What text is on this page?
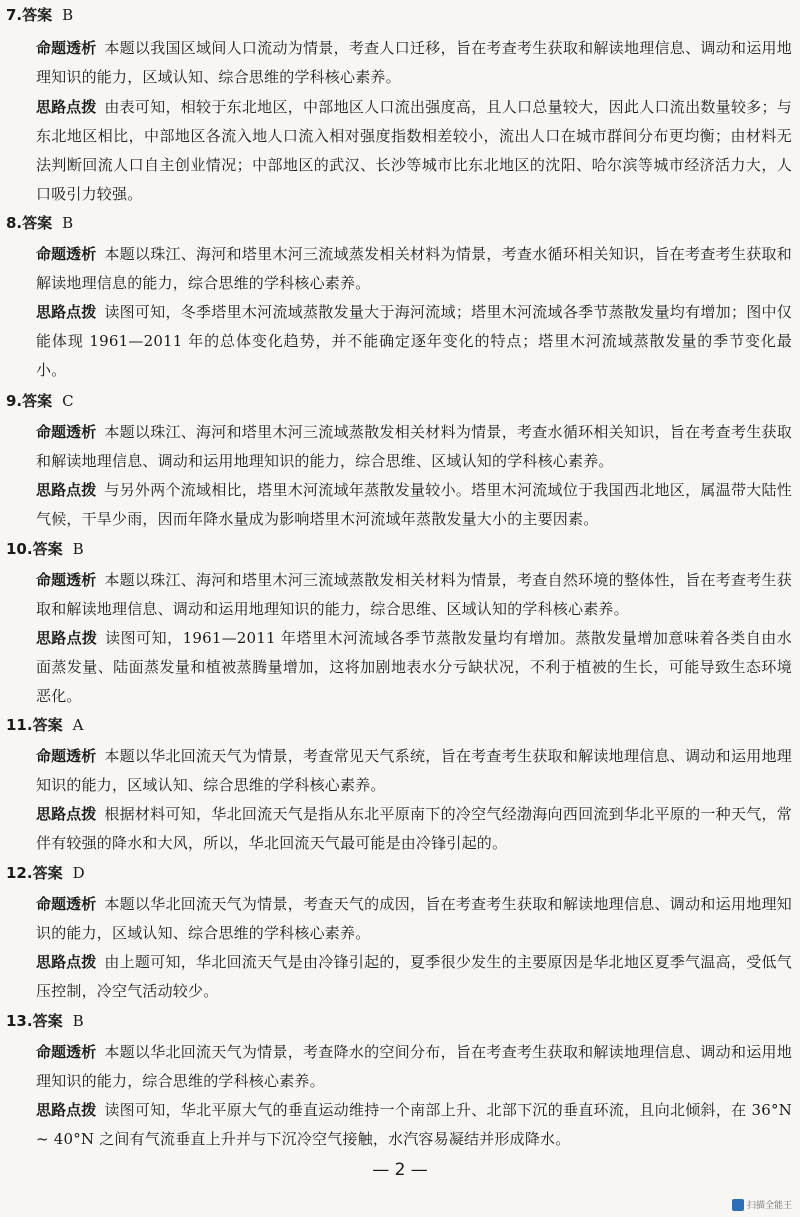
7.答案 B
命题透析 本题以我国区域间人口流动为情景，考查人口迁移，旨在考查考生获取和解读地理信息、调动和运用地理知识的能力，区域认知、综合思维的学科核心素养。
思路点拨 由表可知，相较于东北地区，中部地区人口流出强度高，且人口总量较大，因此人口流出数量较多；与东北地区相比，中部地区各流入地人口流入相对强度指数相差较小，流出人口在城市群间分布更均衡；由材料无法判断回流人口自主创业情况；中部地区的武汉、长沙等城市比东北地区的沈阳、哈尔滨等城市经济活力大，人口吸引力较强。
8.答案 B
命题透析 本题以珠江、海河和塔里木河三流域蒸发相关材料为情景，考查水循环相关知识，旨在考查考生获取和解读地理信息的能力，综合思维的学科核心素养。
思路点拨 读图可知，冬季塔里木河流域蒸散发量大于海河流域；塔里木河流域各季节蒸散发量均有增加；图中仅能体现 1961—2011 年的总体变化趋势，并不能确定逐年变化的特点；塔里木河流域蒸散发量的季节变化最小。
9.答案 C
命题透析 本题以珠江、海河和塔里木河三流域蒸散发相关材料为情景，考查水循环相关知识，旨在考查考生获取和解读地理信息、调动和运用地理知识的能力，综合思维、区域认知的学科核心素养。
思路点拨 与另外两个流域相比，塔里木河流域年蒸散发量较小。塔里木河流域位于我国西北地区，属温带大陆性气候，干旱少雨，因而年降水量成为影响塔里木河流域年蒸散发量大小的主要因素。
10.答案 B
命题透析 本题以珠江、海河和塔里木河三流域蒸散发相关材料为情景，考查自然环境的整体性，旨在考查考生获取和解读地理信息、调动和运用地理知识的能力，综合思维、区域认知的学科核心素养。
思路点拨 读图可知，1961—2011 年塔里木河流域各季节蒸散发量均有增加。蒸散发量增加意味着各类自由水面蒸发量、陆面蒸发量和植被蒸腾量增加，这将加剧地表水分亏缺状况，不利于植被的生长，可能导致生态环境恶化。
11.答案 A
命题透析 本题以华北回流天气为情景，考查常见天气系统，旨在考查考生获取和解读地理信息、调动和运用地理知识的能力，区域认知、综合思维的学科核心素养。
思路点拨 根据材料可知，华北回流天气是指从东北平原南下的冷空气经渤海向西回流到华北平原的一种天气，常伴有较强的降水和大风，所以，华北回流天气最可能是由冷锋引起的。
12.答案 D
命题透析 本题以华北回流天气为情景，考查天气的成因，旨在考查考生获取和解读地理信息、调动和运用地理知识的能力，区域认知、综合思维的学科核心素养。
思路点拨 由上题可知，华北回流天气是由冷锋引起的，夏季很少发生的主要原因是华北地区夏季气温高，受低气压控制，冷空气活动较少。
13.答案 B
命题透析 本题以华北回流天气为情景，考查降水的空间分布，旨在考查考生获取和解读地理信息、调动和运用地理知识的能力，综合思维的学科核心素养。
思路点拨 读图可知，华北平原大气的垂直运动维持一个南部上升、北部下沉的垂直环流，且向北倾斜，在 36°N ~ 40°N 之间有气流垂直上升并与下沉冷空气接触，水汽容易凝结并形成降水。
— 2 —
扫描全能王
